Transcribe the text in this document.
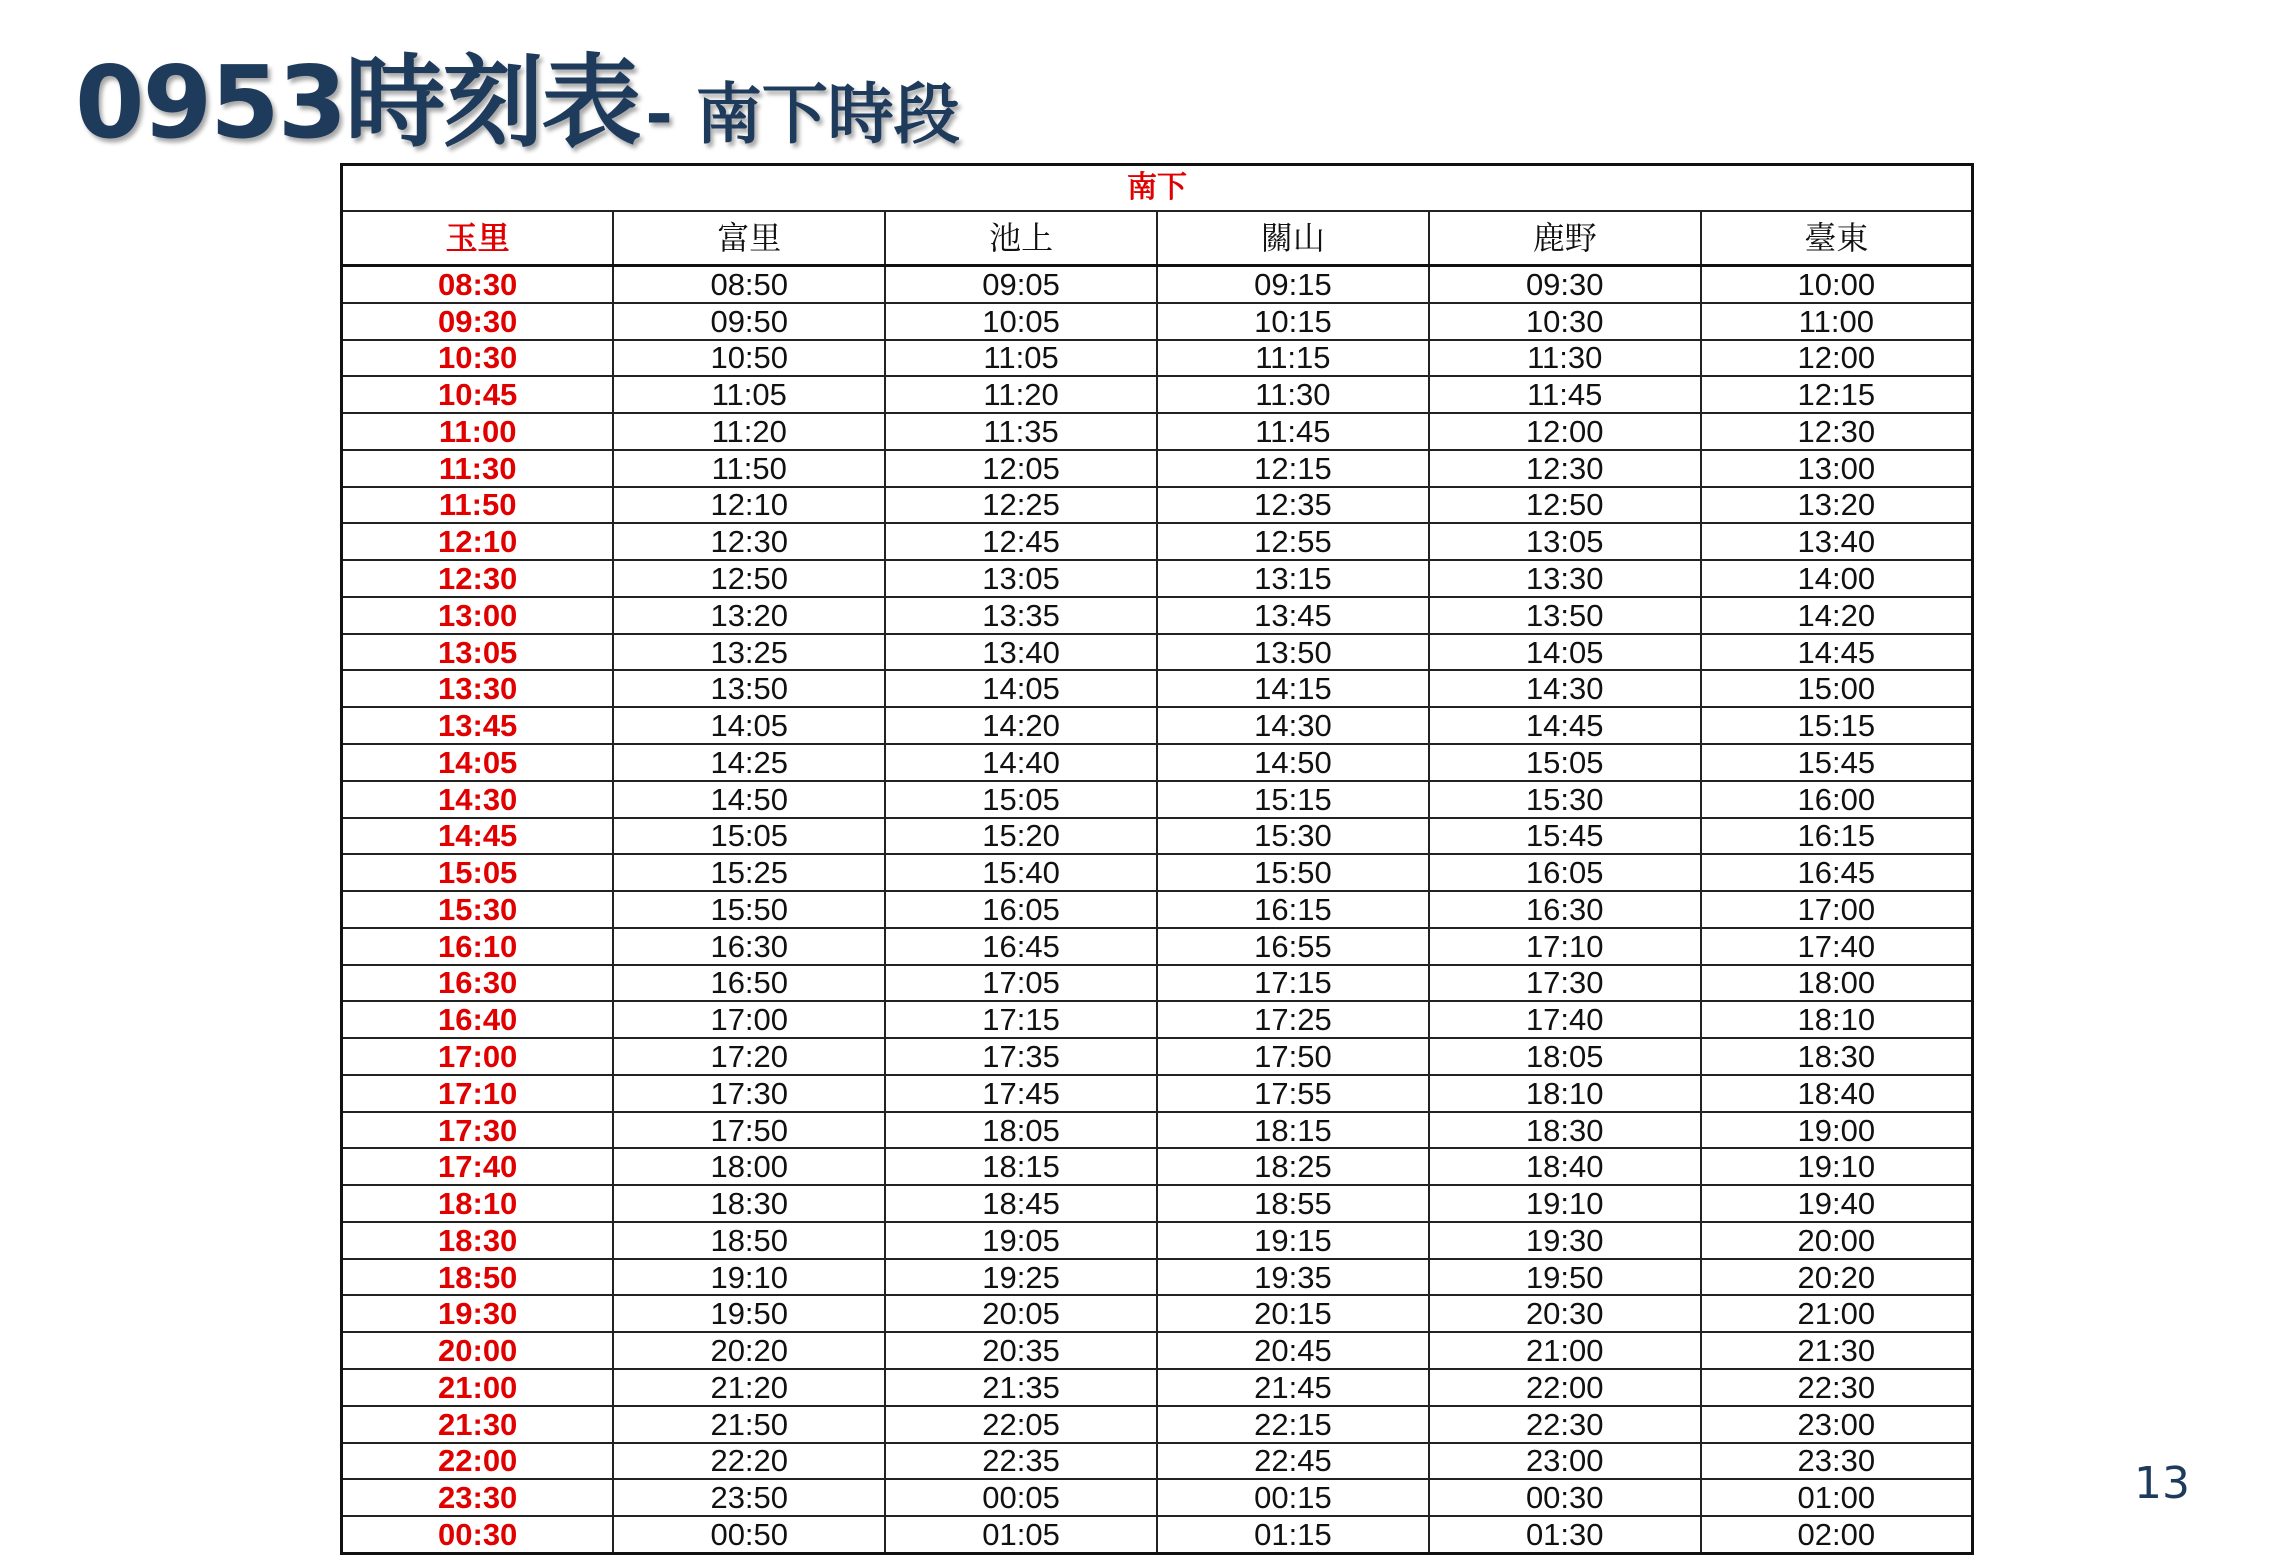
0953時刻表- 南下時段
南下					
玉里	富里	池上	關山	鹿野	臺東
08:30	08:50	09:05	09:15	09:30	10:00
09:30	09:50	10:05	10:15	10:30	11:00
10:30	10:50	11:05	11:15	11:30	12:00
10:45	11:05	11:20	11:30	11:45	12:15
11:00	11:20	11:35	11:45	12:00	12:30
11:30	11:50	12:05	12:15	12:30	13:00
11:50	12:10	12:25	12:35	12:50	13:20
12:10	12:30	12:45	12:55	13:05	13:40
12:30	12:50	13:05	13:15	13:30	14:00
13:00	13:20	13:35	13:45	13:50	14:20
13:05	13:25	13:40	13:50	14:05	14:45
13:30	13:50	14:05	14:15	14:30	15:00
13:45	14:05	14:20	14:30	14:45	15:15
14:05	14:25	14:40	14:50	15:05	15:45
14:30	14:50	15:05	15:15	15:30	16:00
14:45	15:05	15:20	15:30	15:45	16:15
15:05	15:25	15:40	15:50	16:05	16:45
15:30	15:50	16:05	16:15	16:30	17:00
16:10	16:30	16:45	16:55	17:10	17:40
16:30	16:50	17:05	17:15	17:30	18:00
16:40	17:00	17:15	17:25	17:40	18:10
17:00	17:20	17:35	17:50	18:05	18:30
17:10	17:30	17:45	17:55	18:10	18:40
17:30	17:50	18:05	18:15	18:30	19:00
17:40	18:00	18:15	18:25	18:40	19:10
18:10	18:30	18:45	18:55	19:10	19:40
18:30	18:50	19:05	19:15	19:30	20:00
18:50	19:10	19:25	19:35	19:50	20:20
19:30	19:50	20:05	20:15	20:30	21:00
20:00	20:20	20:35	20:45	21:00	21:30
21:00	21:20	21:35	21:45	22:00	22:30
21:30	21:50	22:05	22:15	22:30	23:00
22:00	22:20	22:35	22:45	23:00	23:30
23:30	23:50	00:05	00:15	00:30	01:00
00:30	00:50	01:05	01:15	01:30	02:00
13
